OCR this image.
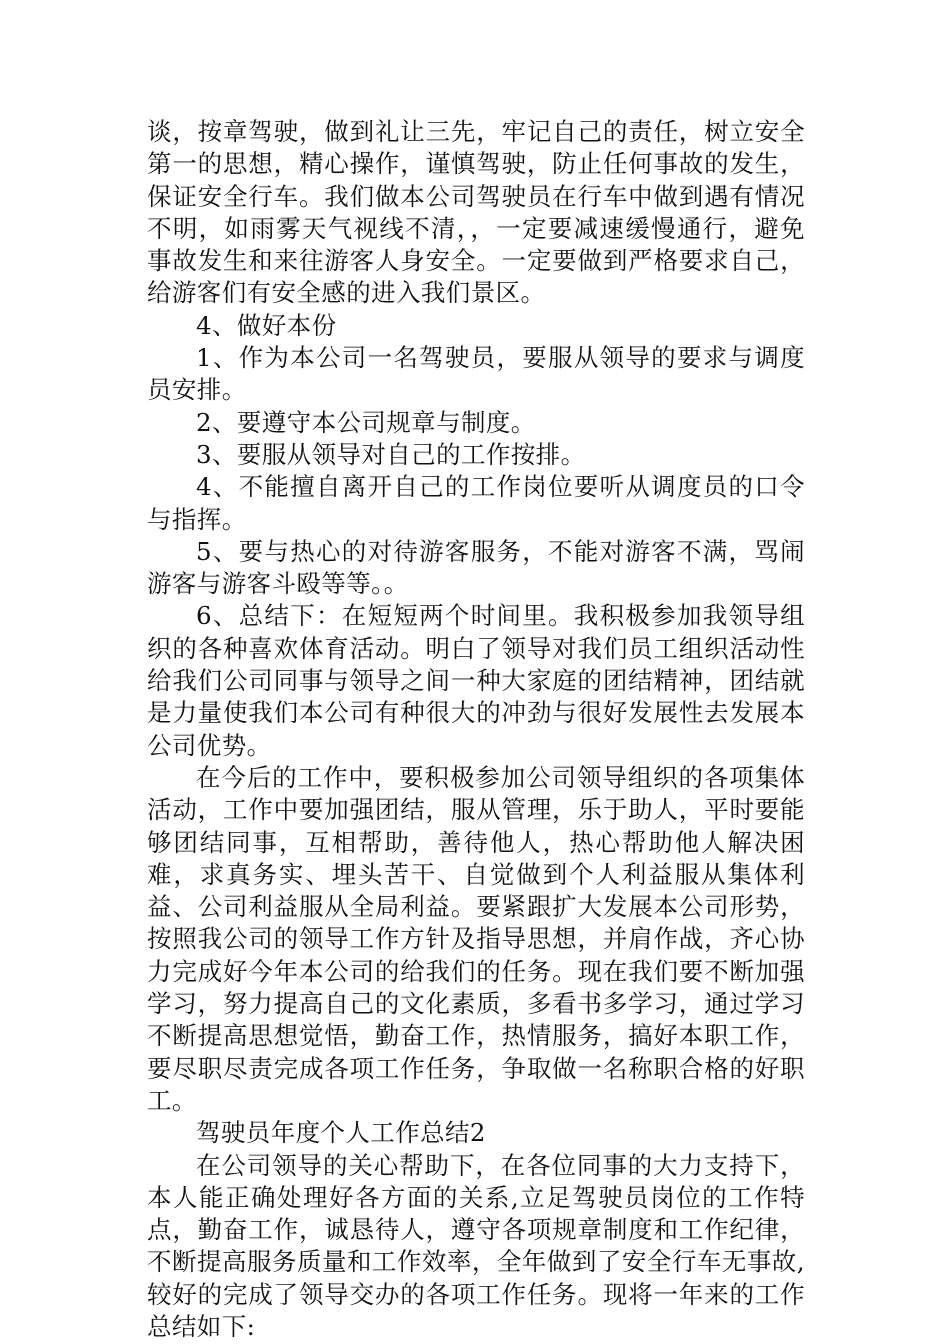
谈，按章驾驶，做到礼让三先，牢记自己的责任，树立安全第一的思想，精心操作，谨慎驾驶，防止任何事故的发生，保证安全行车。我们做本公司驾驶员在行车中做到遇有情况不明，如雨雾天气视线不清，，一定要减速缓慢通行，避免事故发生和来往游客人身安全。一定要做到严格要求自己，给游客们有安全感的进入我们景区。

4、做好本份

1、作为本公司一名驾驶员，要服从领导的要求与调度员安排。

2、要遵守本公司规章与制度。

3、要服从领导对自己的工作按排。

4、不能擅自离开自己的工作岗位要听从调度员的口令与指挥。

5、要与热心的对待游客服务，不能对游客不满，骂闹游客与游客斗殴等等。。

6、总结下：在短短两个时间里。我积极参加我领导组织的各种喜欢体育活动。明白了领导对我们员工组织活动性给我们公司同事与领导之间一种大家庭的团结精神，团结就是力量使我们本公司有种很大的冲劲与很好发展性去发展本公司优势。

在今后的工作中，要积极参加公司领导组织的各项集体活动，工作中要加强团结，服从管理，乐于助人，平时要能够团结同事，互相帮助，善待他人，热心帮助他人解决困难，求真务实、埋头苦干、自觉做到个人利益服从集体利益、公司利益服从全局利益。要紧跟扩大发展本公司形势，按照我公司的领导工作方针及指导思想，并肩作战，齐心协力完成好今年本公司的给我们的任务。现在我们要不断加强学习，努力提高自己的文化素质，多看书多学习，通过学习不断提高思想觉悟，勤奋工作，热情服务，搞好本职工作，要尽职尽责完成各项工作任务，争取做一名称职合格的好职工。

驾驶员年度个人工作总结2

在公司领导的关心帮助下，在各位同事的大力支持下，本人能正确处理好各方面的关系,立足驾驶员岗位的工作特点，勤奋工作，诚恳待人，遵守各项规章制度和工作纪律，不断提高服务质量和工作效率，全年做到了安全行车无事故,较好的完成了领导交办的各项工作任务。现将一年来的工作总结如下:
